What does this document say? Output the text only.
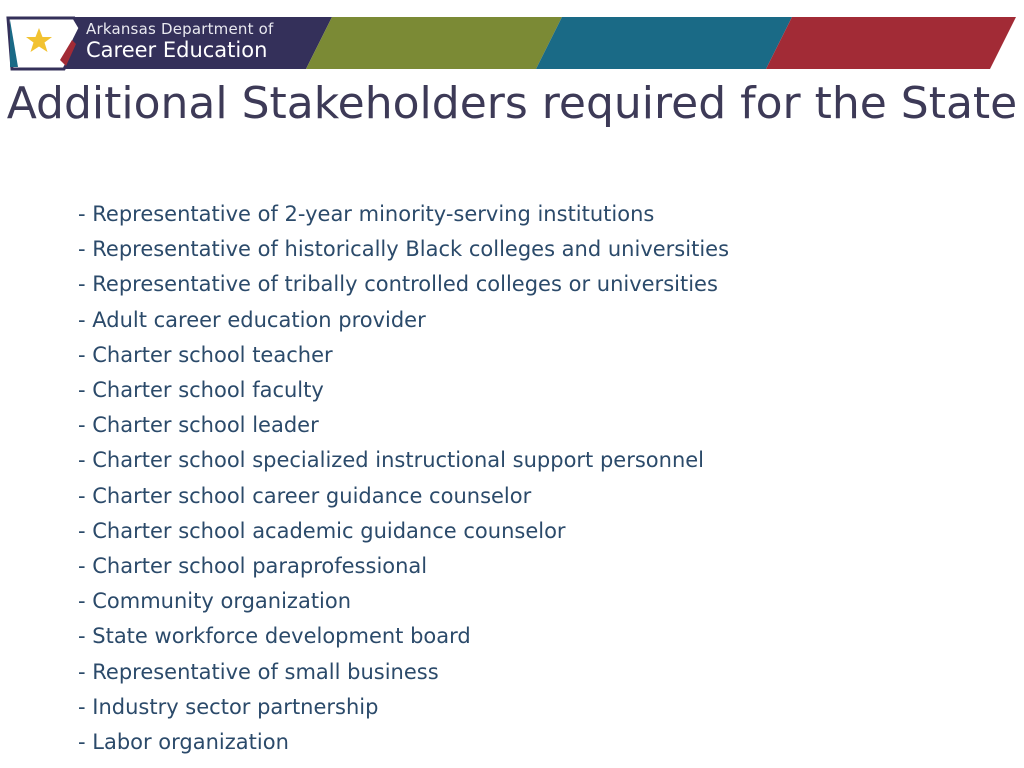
Arkansas Department of
Career Education
Additional Stakeholders required for the State
- Representative of 2-year minority-serving institutions
- Representative of historically Black colleges and universities
- Representative of tribally controlled colleges or universities
- Adult career education provider
- Charter school teacher
- Charter school faculty
- Charter school leader
- Charter school specialized instructional support personnel
- Charter school career guidance counselor
- Charter school academic guidance counselor
- Charter school paraprofessional
- Community organization
- State workforce development board
- Representative of small business
- Industry sector partnership
- Labor organization
